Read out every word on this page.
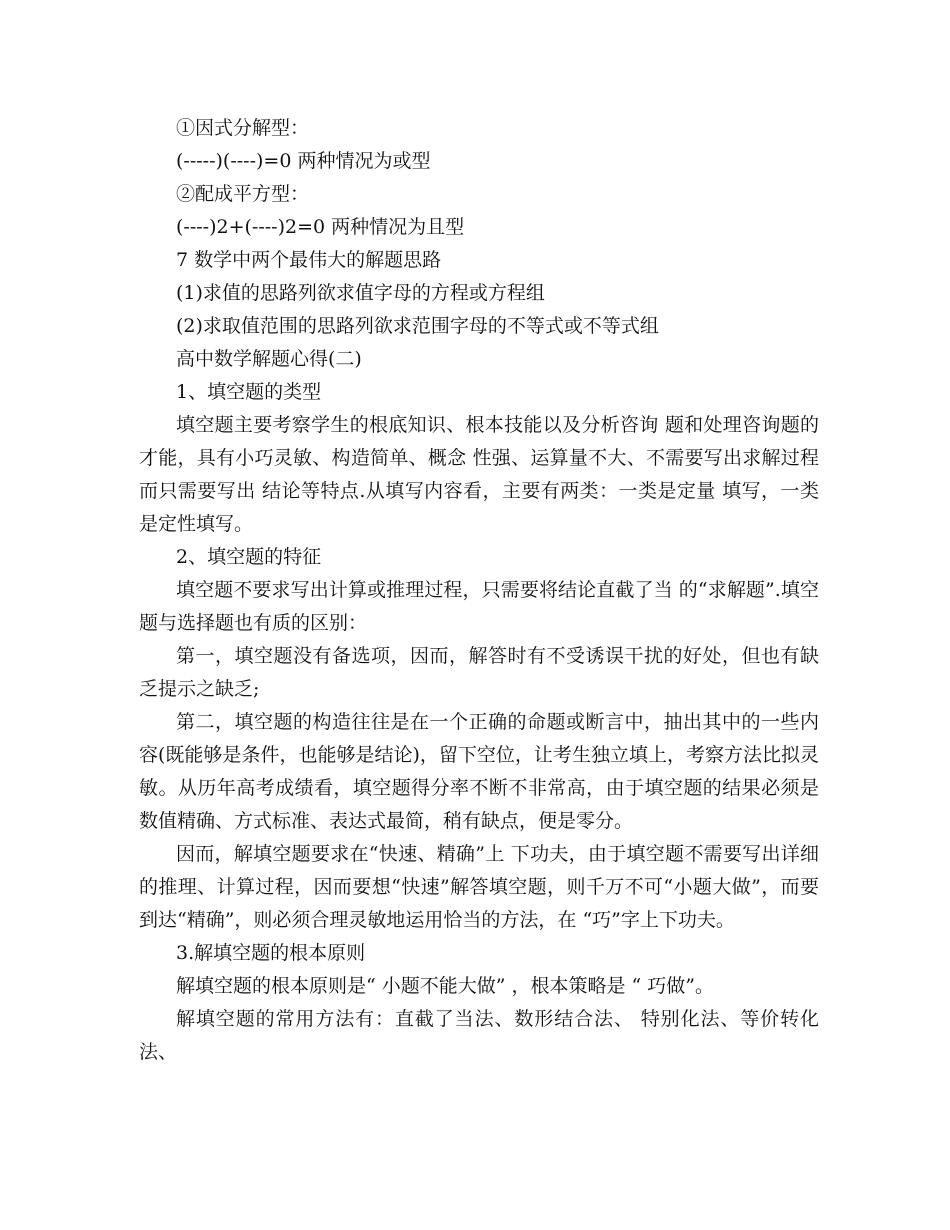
①因式分解型：
(-----)(----)=0 两种情况为或型
②配成平方型：
(----)2+(----)2=0 两种情况为且型
7 数学中两个最伟大的解题思路
(1)求值的思路列欲求值字母的方程或方程组
(2)求取值范围的思路列欲求范围字母的不等式或不等式组
高中数学解题心得(二)
1、填空题的类型

填空题主要考察学生的根底知识、根本技能以及分析咨询 题和处理咨询题的才能，具有小巧灵敏、构造简单、概念 性强、运算量不大、不需要写出求解过程而只需要写出 结论等特点.从填写内容看，主要有两类：一类是定量 填写，一类是定性填写。

2、填空题的特征

填空题不要求写出计算或推理过程，只需要将结论直截了当 的“求解题”.填空题与选择题也有质的区别：

第一，填空题没有备选项，因而，解答时有不受诱误干扰的好处，但也有缺乏提示之缺乏;

第二，填空题的构造往往是在一个正确的命题或断言中，抽出其中的一些内容(既能够是条件，也能够是结论)，留下空位，让考生独立填上，考察方法比拟灵敏。从历年高考成绩看，填空题得分率不断不非常高，由于填空题的结果必须是数值精确、方式标准、表达式最简，稍有缺点，便是零分。

因而，解填空题要求在“快速、精确”上 下功夫，由于填空题不需要写出详细的推理、计算过程，因而要想“快速”解答填空题，则千万不可“小题大做”，而要到达“精确”，则必须合理灵敏地运用恰当的方法，在 “巧”字上下功夫。

3.解填空题的根本原则

解填空题的根本原则是“ 小题不能大做” ，根本策略是 “ 巧做”。

解填空题的常用方法有：直截了当法、数形结合法、 特别化法、等价转化法、
